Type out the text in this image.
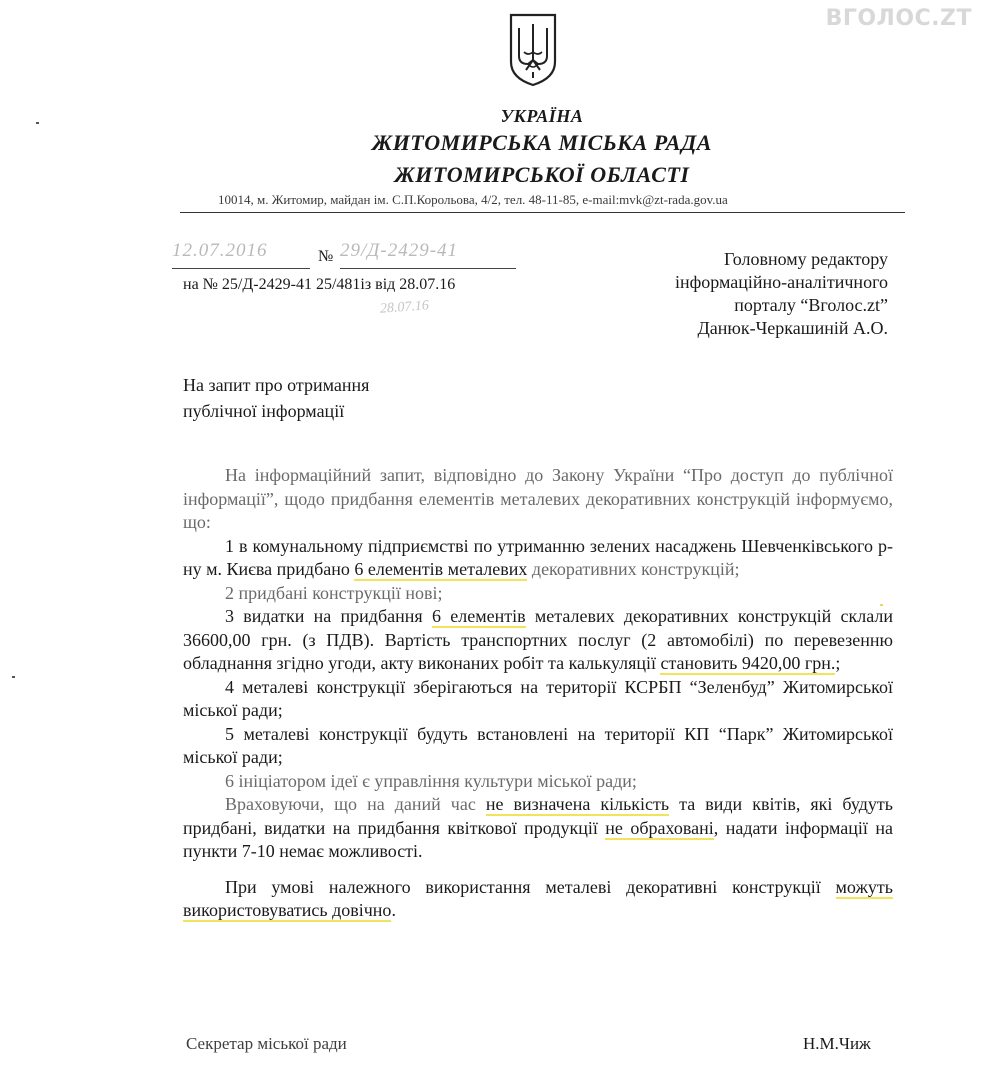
ВГОЛОС.ZT
УКРАЇНА
ЖИТОМИРСЬКА МІСЬКА РАДА
ЖИТОМИРСЬКОЇ ОБЛАСТІ
10014, м. Житомир, майдан ім. С.П.Корольова, 4/2, тел. 48-11-85, e-mail:mvk@zt-rada.gov.ua
12.07.2016	№ 29/Д-2429-41
на № 25/Д-2429-41 25/481із від 28.07.16
28.07.16
Головному редактору
інформаційно-аналітичного
порталу “Вголос.zt”
Данюк-Черкашиній А.О.
На запит про отримання
публічної інформації

На інформаційний запит, відповідно до Закону України “Про доступ до публічної інформації”, щодо придбання елементів металевих декоративних конструкцій інформуємо, що:

1 в комунальному підприємстві по утриманню зелених насаджень Шевченківського р-ну м. Києва придбано 6 елементів металевих декоративних конструкцій;

2 придбані конструкції нові;

3 видатки на придбання 6 елементів металевих декоративних конструкцій склали 36600,00 грн. (з ПДВ). Вартість транспортних послуг (2 автомобілі) по перевезенню обладнання згідно угоди, акту виконаних робіт та калькуляції становить 9420,00 грн.;

4 металеві конструкції зберігаються на території КСРБП “Зеленбуд” Житомирської міської ради;

5 металеві конструкції будуть встановлені на території КП “Парк” Житомирської міської ради;

6 ініціатором ідеї є управління культури міської ради;

Враховуючи, що на даний час не визначена кількість та види квітів, які будуть придбані, видатки на придбання квіткової продукції не обраховані, надати інформації на пункти 7-10 немає можливості.

При умові належного використання металеві декоративні конструкції можуть використовуватись довічно.

Секретар міської ради	Н.М.Чиж
